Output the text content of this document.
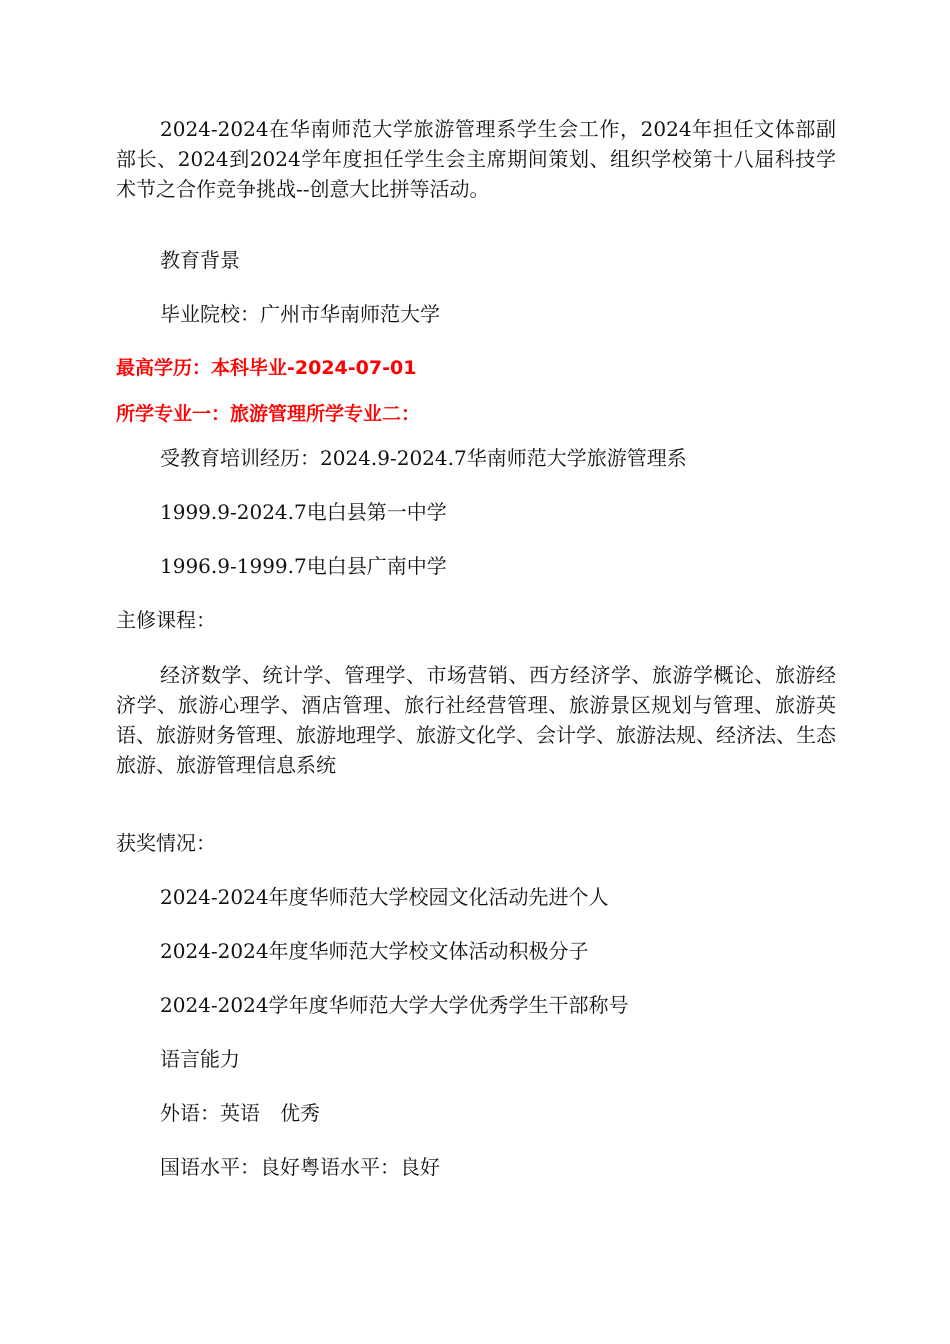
2024-2024在华南师范大学旅游管理系学生会工作，2024年担任文体部副部长、2024到2024学年度担任学生会主席期间策划、组织学校第十八届科技学术节之合作竞争挑战--创意大比拼等活动。

教育背景

毕业院校：广州市华南师范大学

最高学历：本科毕业-2024-07-01

所学专业一：旅游管理所学专业二：

受教育培训经历：2024.9-2024.7华南师范大学旅游管理系

1999.9-2024.7电白县第一中学

1996.9-1999.7电白县广南中学

主修课程：

经济数学、统计学、管理学、市场营销、西方经济学、旅游学概论、旅游经济学、旅游心理学、酒店管理、旅行社经营管理、旅游景区规划与管理、旅游英语、旅游财务管理、旅游地理学、旅游文化学、会计学、旅游法规、经济法、生态旅游、旅游管理信息系统

获奖情况：

2024-2024年度华师范大学校园文化活动先进个人

2024-2024年度华师范大学校文体活动积极分子

2024-2024学年度华师范大学大学优秀学生干部称号

语言能力

外语：英语　优秀

国语水平：良好粤语水平：良好
